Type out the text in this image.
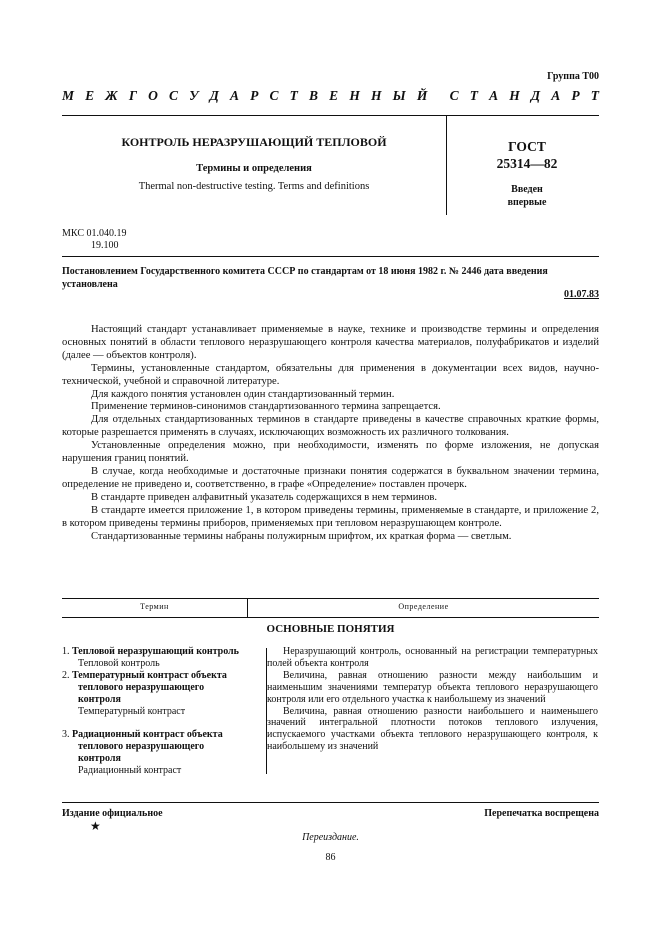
Группа Т00
М Е Ж Г О С У Д А Р С Т В Е Н Н Ы Й С Т А Н Д А Р Т
КОНТРОЛЬ НЕРАЗРУШАЮЩИЙ ТЕПЛОВОЙ
Термины и определения
Thermal non-destructive testing. Terms and definitions
ГОСТ
25314—82
Введен
впервые
МКС 01.040.19
19.100
Постановлением Государственного комитета СССР по стандартам от 18 июня 1982 г. № 2446 дата введения установлена
01.07.83

Настоящий стандарт устанавливает применяемые в науке, технике и производстве термины и определения основных понятий в области теплового неразрушающего контроля качества материалов, полуфабрикатов и изделий (далее — объектов контроля).

Термины, установленные стандартом, обязательны для применения в документации всех видов, научно-технической, учебной и справочной литературе.

Для каждого понятия установлен один стандартизованный термин.

Применение терминов-синонимов стандартизованного термина запрещается.

Для отдельных стандартизованных терминов в стандарте приведены в качестве справочных краткие формы, которые разрешается применять в случаях, исключающих возможность их различного толкования.

Установленные определения можно, при необходимости, изменять по форме изложения, не допуская нарушения границ понятий.

В случае, когда необходимые и достаточные признаки понятия содержатся в буквальном значении термина, определение не приведено и, соответственно, в графе «Определение» поставлен прочерк.

В стандарте приведен алфавитный указатель содержащихся в нем терминов.

В стандарте имеется приложение 1, в котором приведены термины, применяемые в стандарте, и приложение 2, в котором приведены термины приборов, применяемых при тепловом неразрушающем контроле.

Стандартизованные термины набраны полужирным шрифтом, их краткая форма — светлым.

Термин	Определение
ОСНОВНЫЕ ПОНЯТИЯ
1. Тепловой неразрушающий контроль
Тепловой контроль
2. Температурный контраст объекта теплового неразрушающего контроля
Температурный контраст
3. Радиационный контраст объекта теплового неразрушающего контроля
Радиационный контраст

Неразрушающий контроль, основанный на регистрации температурных полей объекта контроля

Величина, равная отношению разности между наибольшим и наименьшим значениями температур объекта теплового неразрушающего контроля или его отдельного участка к наибольшему из значений

Величина, равная отношению разности наибольшего и наименьшего значений интегральной плотности потоков теплового излучения, испускаемого участками объекта теплового неразрушающего контроля, к наибольшему из значений

Издание официальное
★
Перепечатка воспрещена
Переиздание.
86
